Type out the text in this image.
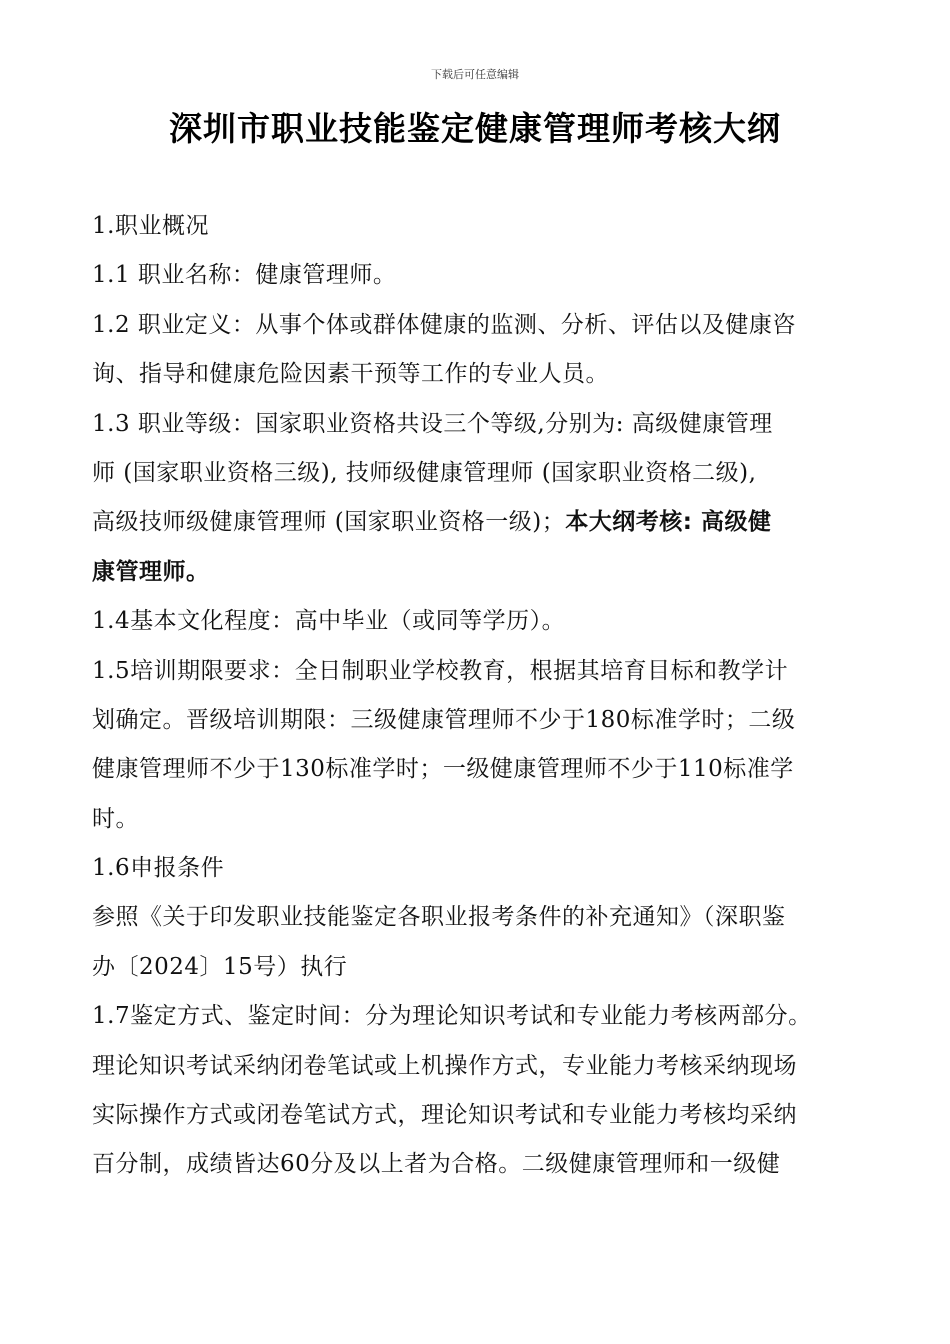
下载后可任意编辑
深圳市职业技能鉴定健康管理师考核大纲
1.职业概况
1.1 职业名称：健康管理师。
1.2 职业定义：从事个体或群体健康的监测、分析、评估以及健康咨
询、指导和健康危险因素干预等工作的专业人员。
1.3 职业等级：国家职业资格共设三个等级,分别为: 高级健康管理
师 (国家职业资格三级), 技师级健康管理师 (国家职业资格二级),
高级技师级健康管理师 (国家职业资格一级)；本大纲考核: 高级健
康管理师。
1.4基本文化程度：高中毕业（或同等学历）。
1.5培训期限要求：全日制职业学校教育，根据其培育目标和教学计
划确定。晋级培训期限：三级健康管理师不少于180标准学时；二级
健康管理师不少于130标准学时；一级健康管理师不少于110标准学
时。
1.6申报条件
参照《关于印发职业技能鉴定各职业报考条件的补充通知》（深职鉴
办〔2024〕15号）执行
1.7鉴定方式、鉴定时间：分为理论知识考试和专业能力考核两部分。
理论知识考试采纳闭卷笔试或上机操作方式，专业能力考核采纳现场
实际操作方式或闭卷笔试方式，理论知识考试和专业能力考核均采纳
百分制，成绩皆达60分及以上者为合格。二级健康管理师和一级健
